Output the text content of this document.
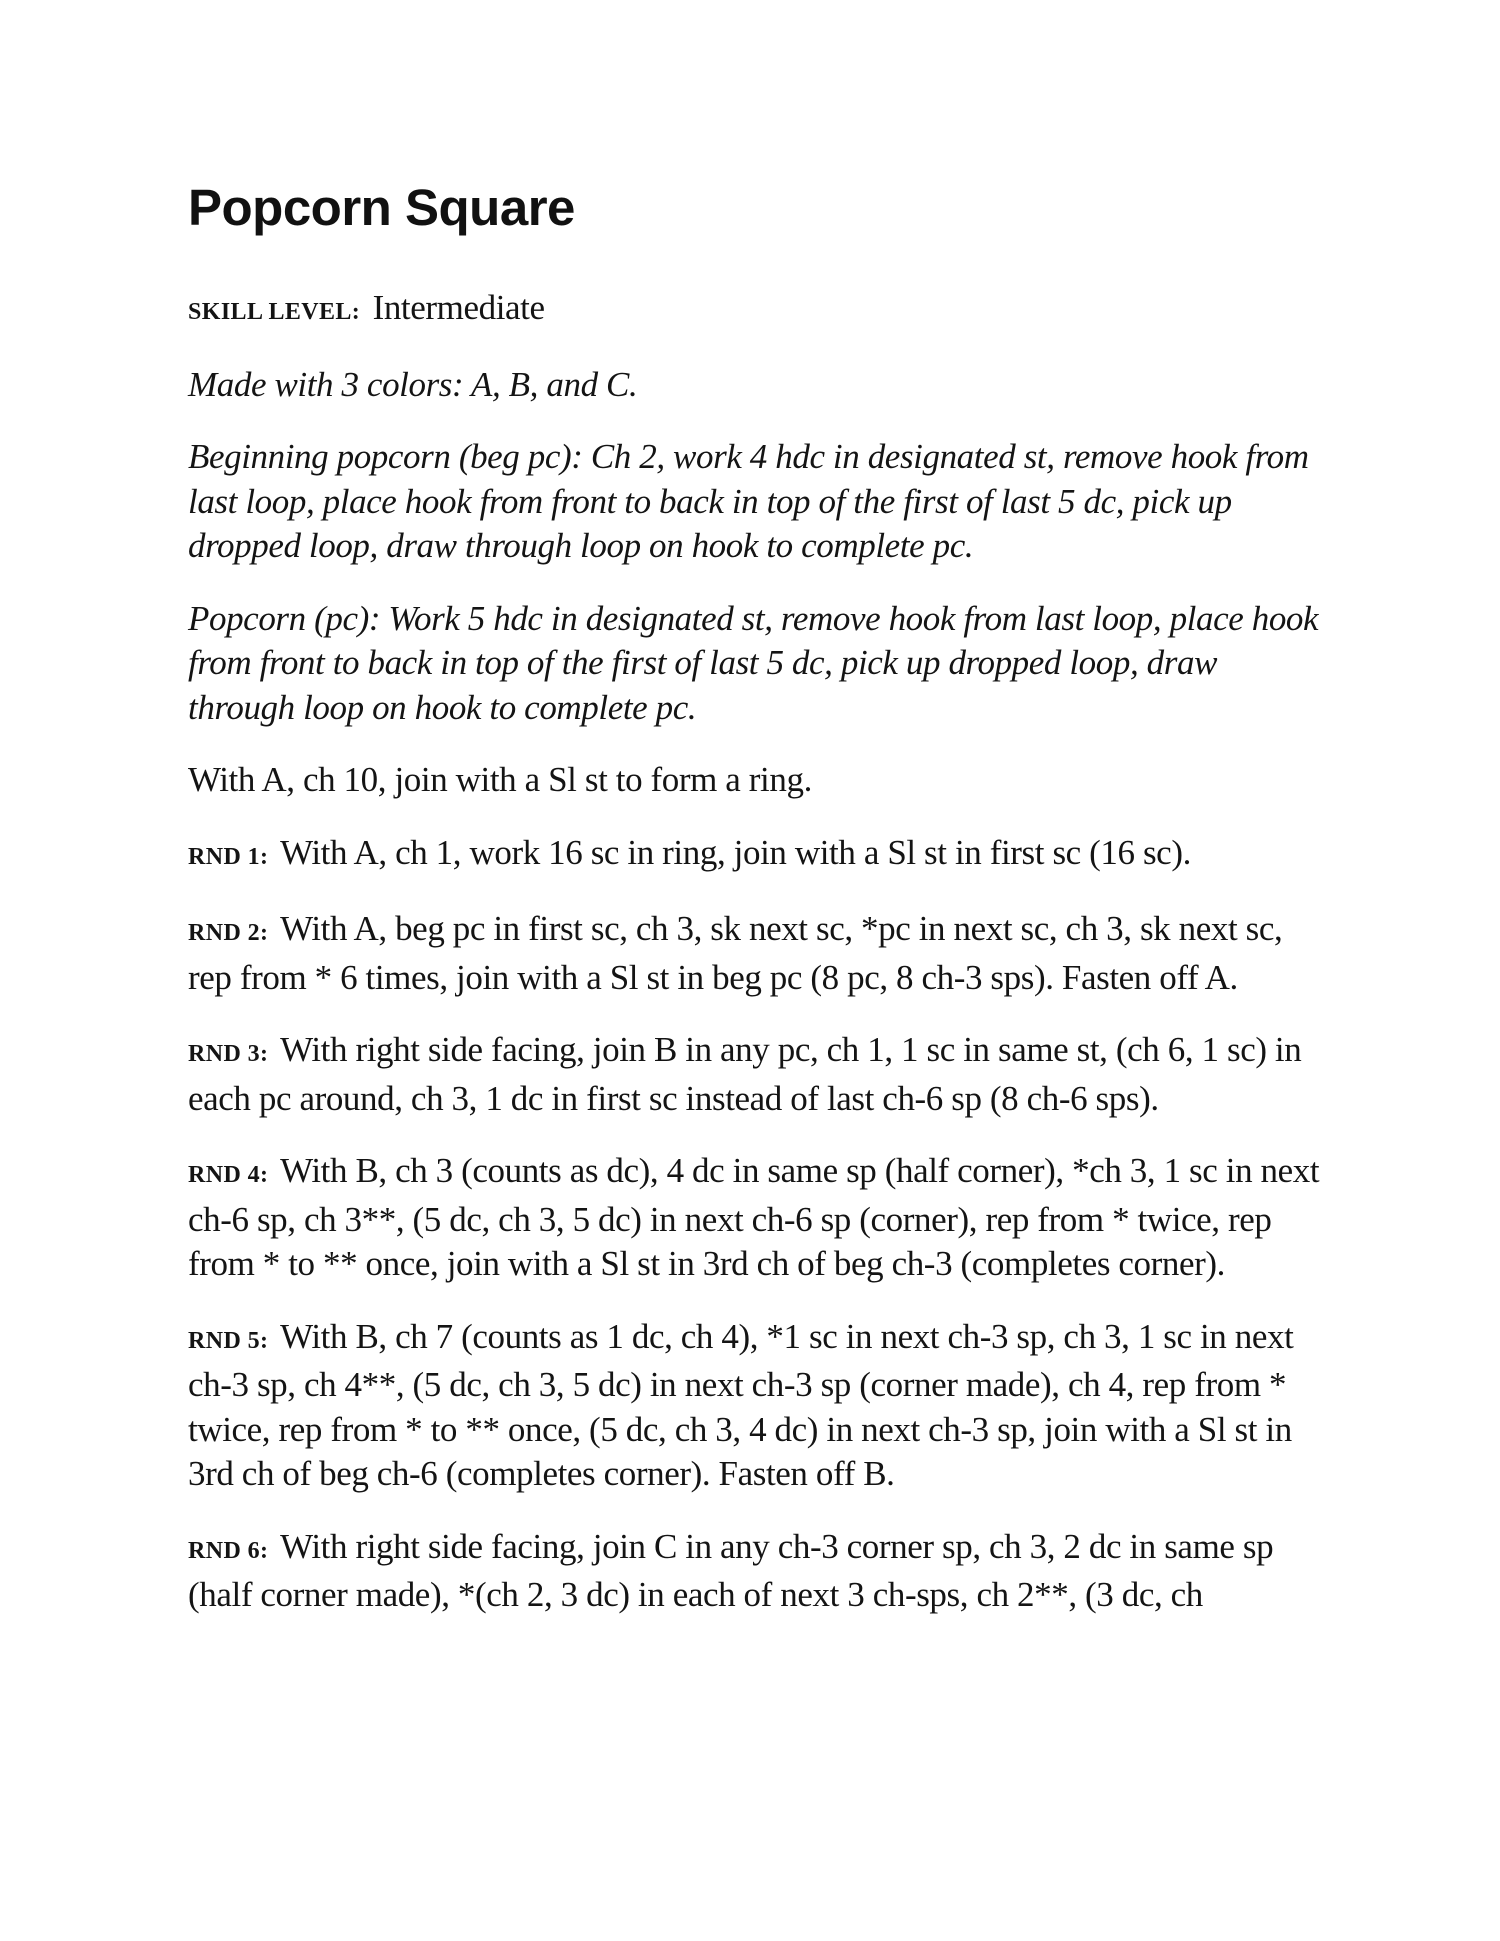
Popcorn Square

SKILL LEVEL: Intermediate

Made with 3 colors: A, B, and C.

Beginning popcorn (beg pc): Ch 2, work 4 hdc in designated st, remove hook from last loop, place hook from front to back in top of the first of last 5 dc, pick up dropped loop, draw through loop on hook to complete pc.

Popcorn (pc): Work 5 hdc in designated st, remove hook from last loop, place hook from front to back in top of the first of last 5 dc, pick up dropped loop, draw through loop on hook to complete pc.

With A, ch 10, join with a Sl st to form a ring.

RND 1: With A, ch 1, work 16 sc in ring, join with a Sl st in first sc (16 sc).

RND 2: With A, beg pc in first sc, ch 3, sk next sc, *pc in next sc, ch 3, sk next sc, rep from * 6 times, join with a Sl st in beg pc (8 pc, 8 ch-3 sps). Fasten off A.

RND 3: With right side facing, join B in any pc, ch 1, 1 sc in same st, (ch 6, 1 sc) in each pc around, ch 3, 1 dc in first sc instead of last ch-6 sp (8 ch-6 sps).

RND 4: With B, ch 3 (counts as dc), 4 dc in same sp (half corner), *ch 3, 1 sc in next ch-6 sp, ch 3**, (5 dc, ch 3, 5 dc) in next ch-6 sp (corner), rep from * twice, rep from * to ** once, join with a Sl st in 3rd ch of beg ch-3 (completes corner).

RND 5: With B, ch 7 (counts as 1 dc, ch 4), *1 sc in next ch-3 sp, ch 3, 1 sc in next ch-3 sp, ch 4**, (5 dc, ch 3, 5 dc) in next ch-3 sp (corner made), ch 4, rep from * twice, rep from * to ** once, (5 dc, ch 3, 4 dc) in next ch-3 sp, join with a Sl st in 3rd ch of beg ch-6 (completes corner). Fasten off B.

RND 6: With right side facing, join C in any ch-3 corner sp, ch 3, 2 dc in same sp (half corner made), *(ch 2, 3 dc) in each of next 3 ch-sps, ch 2**, (3 dc, ch
